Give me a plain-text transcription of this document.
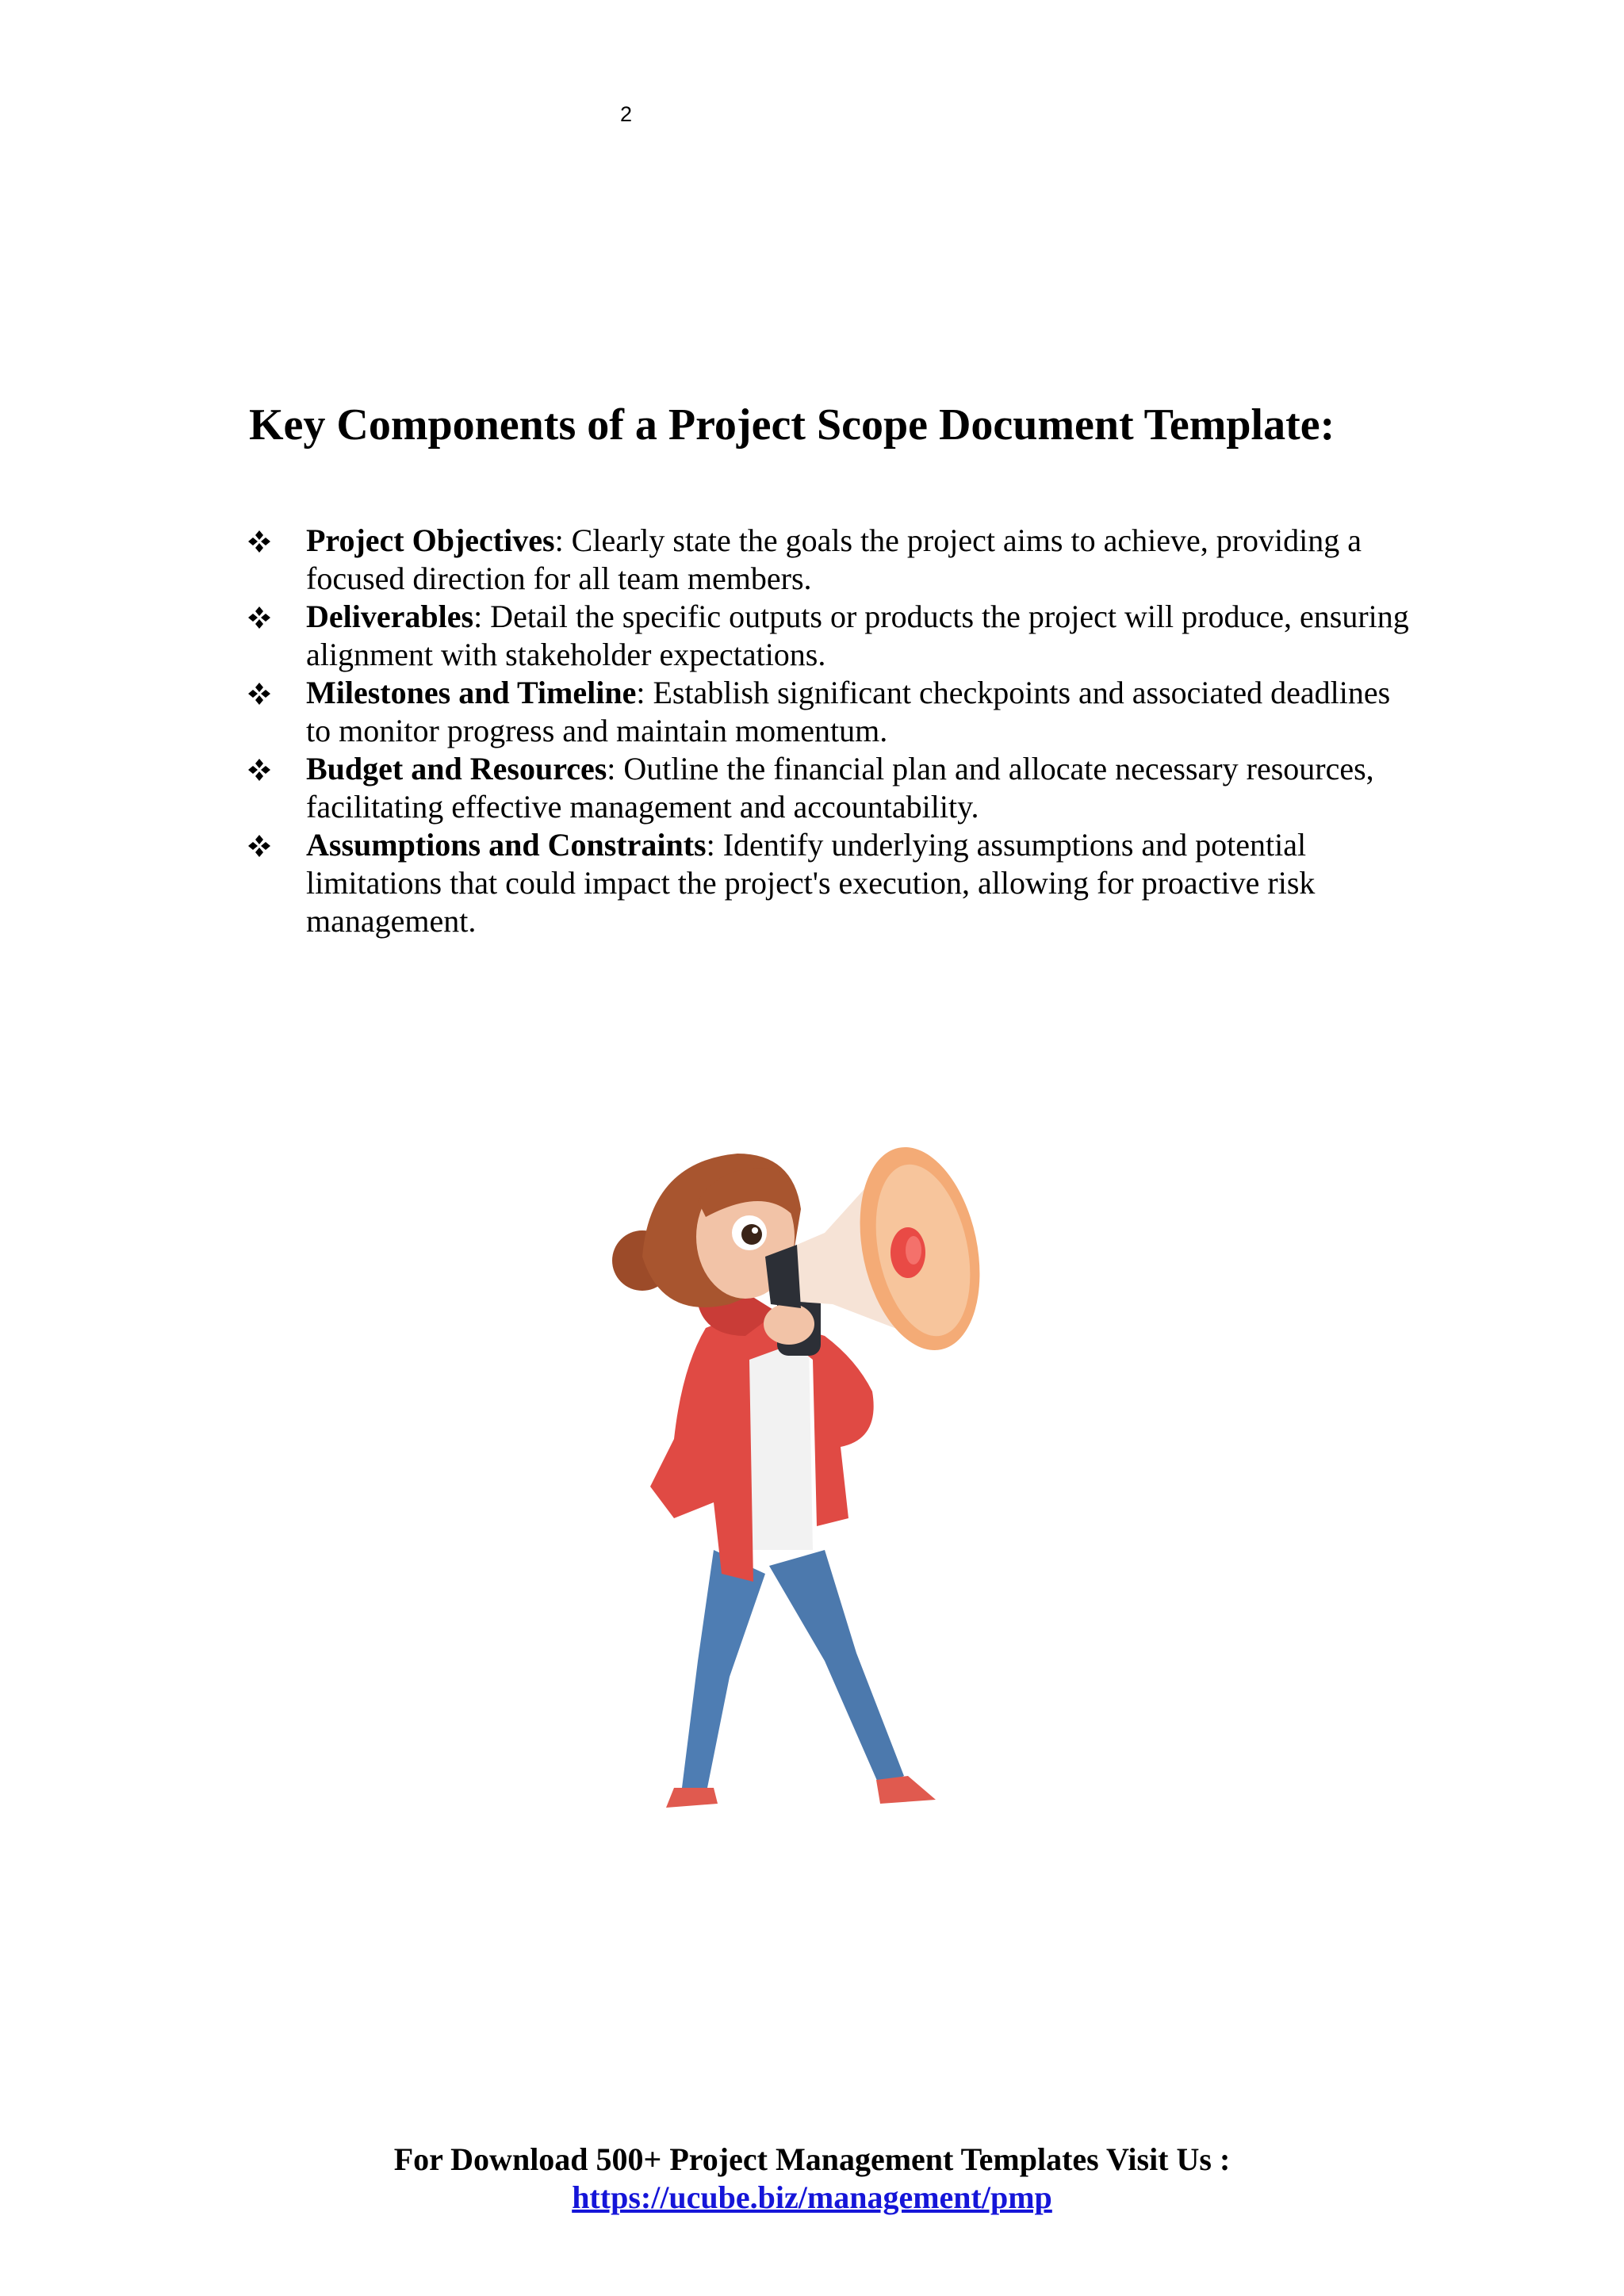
2
Key Components of a Project Scope Document Template:
Project Objectives: Clearly state the goals the project aims to achieve, providing a focused direction for all team members.
Deliverables: Detail the specific outputs or products the project will produce, ensuring alignment with stakeholder expectations.
Milestones and Timeline: Establish significant checkpoints and associated deadlines to monitor progress and maintain momentum.
Budget and Resources: Outline the financial plan and allocate necessary resources, facilitating effective management and accountability.
Assumptions and Constraints: Identify underlying assumptions and potential limitations that could impact the project's execution, allowing for proactive risk management.
For Download 500+ Project Management Templates Visit Us :
https://ucube.biz/management/pmp
